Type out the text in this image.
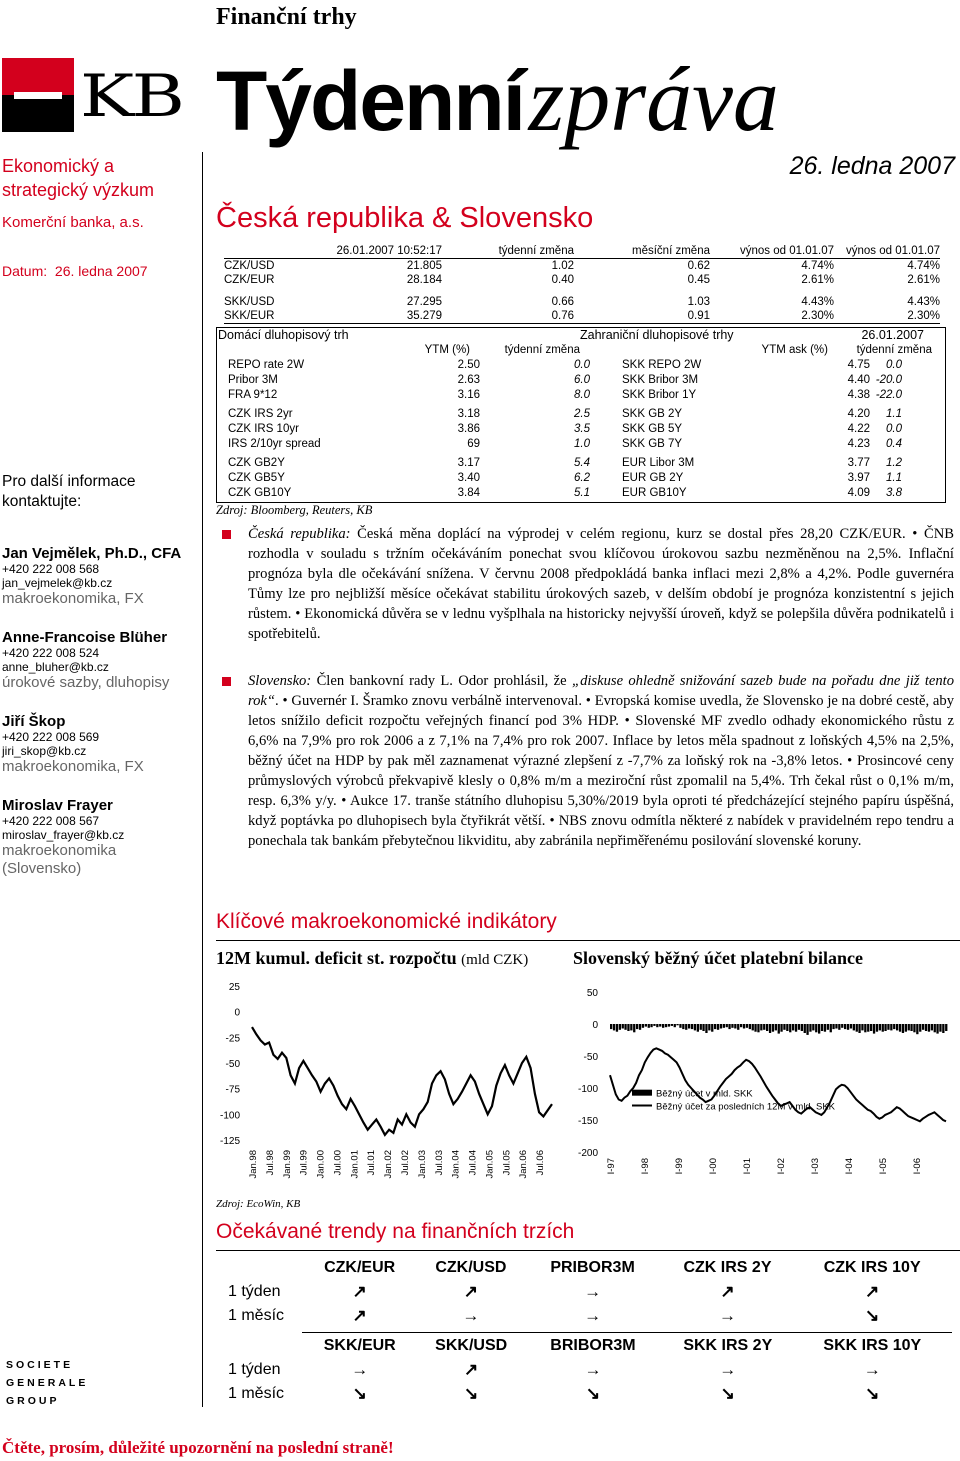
Finanční trhy
KB Týdenní zpráva
26. ledna 2007
Česká republika & Slovensko
Ekonomický a strategický výzkum
Komerční banka, a.s.
Datum: 26. ledna 2007
Pro další informace kontaktujte:
Jan Vejmělek, Ph.D., CFA
+420 222 008 568
jan_vejmelek@kb.cz
makroekonomika, FX
Anne-Francoise Blüher
+420 222 008 524
anne_bluher@kb.cz
úrokové sazby, dluhopisy
Jiří Škop
+420 222 008 569
jiri_skop@kb.cz
makroekonomika, FX
Miroslav Frayer
+420 222 008 567
miroslav_frayer@kb.cz
makroekonomika (Slovensko)
SOCIETE
GENERALE
GROUP
	26.01.2007 10:52:17	týdenní změna	měsíční změna	výnos od 01.01.07	výnos od 01.01.07
CZK/USD	21.805	1.02	0.62	4.74%	4.74%
CZK/EUR	28.184	0.40	0.45	2.61%	2.61%

SKK/USD	27.295	0.66	1.03	4.43%	4.43%
SKK/EUR	35.279	0.76	0.91	2.30%	2.30%
Domácí dluhopisový trh			Zahraniční dluhopisové trhy		26.01.2007
	YTM (%)	týdenní změna		YTM ask (%)	týdenní změna
REPO rate 2W	2.50	0.0	SKK REPO 2W	4.75	0.0
Pribor 3M	2.63	6.0	SKK Bribor 3M	4.40	-20.0
FRA 9*12	3.16	8.0	SKK Bribor 1Y	4.38	-22.0

CZK IRS 2yr	3.18	2.5	SKK GB 2Y	4.20	1.1
CZK IRS 10yr	3.86	3.5	SKK GB 5Y	4.22	0.0
IRS 2/10yr spread	69	1.0	SKK GB 7Y	4.23	0.4

CZK GB2Y	3.17	5.4	EUR Libor 3M	3.77	1.2
CZK GB5Y	3.40	6.2	EUR GB 2Y	3.97	1.1
CZK GB10Y	3.84	5.1	EUR GB10Y	4.09	3.8
Zdroj: Bloomberg, Reuters, KB
Česká republika: Česká měna doplácí na výprodej v celém regionu, kurz se dostal přes 28,20 CZK/EUR. • ČNB rozhodla v souladu s tržním očekáváním ponechat svou klíčovou úrokovou sazbu nezměněnou na 2,5%. Inflační prognóza byla dle očekávání snížena. V červnu 2008 předpokládá banka inflaci mezi 2,8% a 4,2%. Podle guvernéra Tůmy lze pro nejbližší měsíce očekávat stabilitu úrokových sazeb, v delším období je prognóza konzistentní s jejich růstem. • Ekonomická důvěra se v lednu vyšplhala na historicky nejvyšší úroveň, když se polepšila důvěra podnikatelů i spotřebitelů.
Slovensko: Člen bankovní rady L. Odor prohlásil, že „diskuse ohledně snižování sazeb bude na pořadu dne již tento rok“. • Guvernér I. Šramko znovu verbálně intervenoval. • Evropská komise uvedla, že Slovensko je na dobré cestě, aby letos snížilo deficit rozpočtu veřejných financí pod 3% HDP. • Slovenské MF zvedlo odhady ekonomického růstu z 6,6% na 7,9% pro rok 2006 a z 7,1% na 7,4% pro rok 2007. Inflace by letos měla spadnout z loňských 4,5% na 2,5%, běžný účet na HDP by pak měl zaznamenat výrazné zlepšení z -7,7% za loňský rok na -3,8% letos. • Prosincové ceny průmyslových výrobců překvapivě klesly o 0,8% m/m a meziroční růst zpomalil na 5,4%. Trh čekal růst o 0,1% m/m, resp. 6,3% y/y. • Aukce 17. tranše státního dluhopisu 5,30%/2019 byla oproti té předcházející stejného papíru úspěšná, když poptávka po dluhopisech byla čtyřikrát větší. • NBS znovu odmítla některé z nabídek v pravidelném repo tendru a ponechala tak bankám přebytečnou likviditu, aby zabránila nepřiměřenému posilování slovenské koruny.
Klíčové makroekonomické indikátory
12M kumul. deficit st. rozpočtu (mld CZK) Slovenský běžný účet platební bilance
25
0
-25
-50
-75
-100
-125
Jan.98 Jul.98 Jan.99 Jul.99 Jan.00 Jul.00 Jan.01 Jul.01 Jan.02 Jul.02 Jan.03 Jul.03 Jan.04 Jul.04 Jan.05 Jul.05 Jan.06 Jul.06
50
0
-50
-100
-150
-200
I-97 I-98 I-99 I-00 I-01 I-02 I-03 I-04 I-05 I-06
Běžný účet v mld. SKK
Běžný účet za posledních 12M v mld. SKK
Zdroj: EcoWin, KB
Očekávané trendy na finančních trzích
	CZK/EUR	CZK/USD	PRIBOR3M	CZK IRS 2Y	CZK IRS 10Y
1 týden	↗	↗	→	↗	↗
1 měsíc	↗	→	→	→	↘
	SKK/EUR	SKK/USD	BRIBOR3M	SKK IRS 2Y	SKK IRS 10Y
1 týden	→	↗	→	→	→
1 měsíc	↘	↘	↘	↘	↘
Čtěte, prosím, důležité upozornění na poslední straně!
